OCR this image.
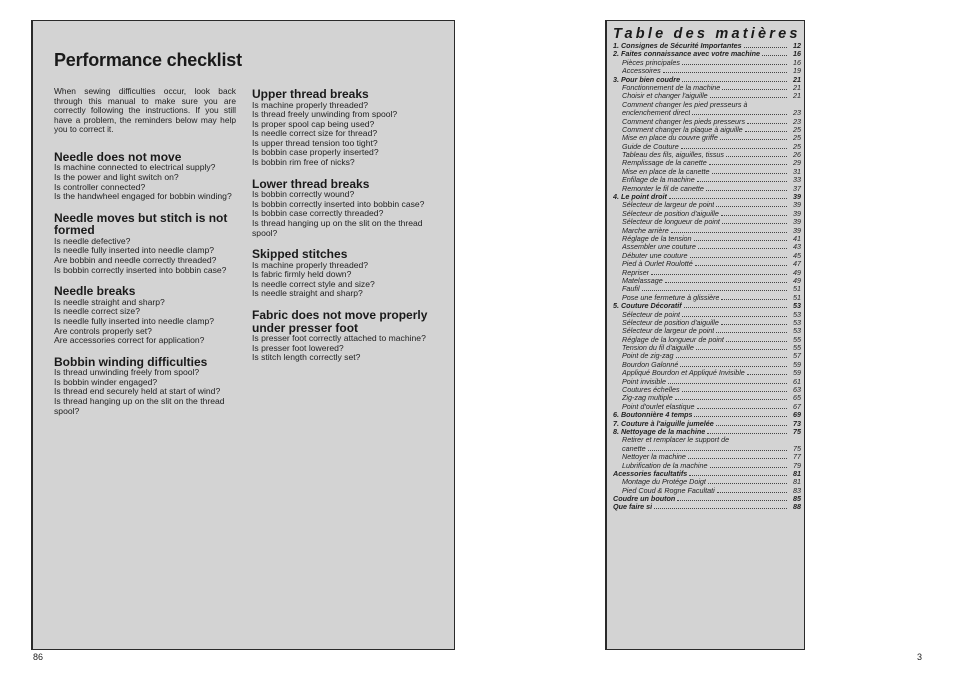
Performance checklist
When sewing difficulties occur, look back through this manual to make sure you are correctly following the instructions. If you still have a problem, the reminders below may help you to correct it.
Needle does not move
Is machine connected to electrical supply?
Is the power and light switch on?
Is controller connected?
Is the handwheel engaged for bobbin winding?
Needle moves but stitch is not formed
Is needle defective?
Is needle fully inserted into needle clamp?
Are bobbin and needle correctly threaded?
Is bobbin correctly inserted into bobbin case?
Needle breaks
Is needle straight and sharp?
Is needle correct size?
Is needle fully inserted into needle clamp?
Are controls properly set?
Are accessories correct for application?
Bobbin winding difficulties
Is thread unwinding freely from spool?
Is bobbin winder engaged?
Is thread end securely held at start of wind?
Is thread hanging up on the slit on the thread spool?
Upper thread breaks
Is machine properly threaded?
Is thread freely unwinding from spool?
Is proper spool cap being used?
Is needle correct size for thread?
Is upper thread tension too tight?
Is bobbin case properly inserted?
Is bobbin rim free of nicks?
Lower thread breaks
Is bobbin correctly wound?
Is bobbin correctly inserted into bobbin case?
Is bobbin case correctly threaded?
Is thread hanging up on the slit on the thread spool?
Skipped stitches
Is machine properly threaded?
Is fabric firmly held down?
Is needle correct style and size?
Is needle straight and sharp?
Fabric does not move properly under presser foot
Is presser foot correctly attached to machine?
Is presser foot lowered?
Is stitch length correctly set?
86
Table des matières
1. Consignes de Sécurité Importantes	12
2. Faites connaissance avec votre machine	16
Pièces principales	16
Accessoires	19
3. Pour bien coudre	21
Fonctionnement de la machine	21
Choisir et changer l'aiguille	21
Comment changer les pied presseurs à
enclenchement direct	23
Comment changer les pieds presseurs	23
Comment changer la plaque à aiguille	25
Mise en place du couvre griffe	25
Guide de Couture	25
Tableau des fils, aiguilles, tissus	26
Remplissage de la canette	29
Mise en place de la canette	31
Enfilage de la machine	33
Remonter le fil de canette	37
4. Le point droit	39
Sélecteur de largeur de point	39
Sélecteur de position d'aiguille	39
Sélecteur de longueur de point	39
Marche arrière	39
Réglage de la tension	41
Assembler une couture	43
Débuter une couture	45
Pied à Ourlet Roulotté	47
Repriser	49
Matelassage	49
Faufil	51
Pose une fermeture à glissière	51
5. Couture Décoratif	53
Sélecteur de point	53
Sélecteur de position d'aiguille	53
Sélecteur de largeur de point	53
Réglage de la longueur de point	55
Tension du fil d'aiguille	55
Point de zig-zag	57
Bourdon Galonné	59
Appliqué Bourdon et Appliqué Invisible	59
Point invisible	61
Coutures échelles	63
Zig-zag multiple	65
Point d'ourlet elastique	67
6. Boutonnière 4 temps	69
7. Couture à l'aiguille jumelée	73
8. Nettoyage de la machine	75
Retirer et remplacer le support de
canette	75
Nettoyer la machine	77
Lubrification de la machine	79
Acessories facultatifs	81
Montage du Protége Doigt	81
Pied Coud & Rogne Facultati	83
Coudre un bouton	85
Que faire si	88
3
